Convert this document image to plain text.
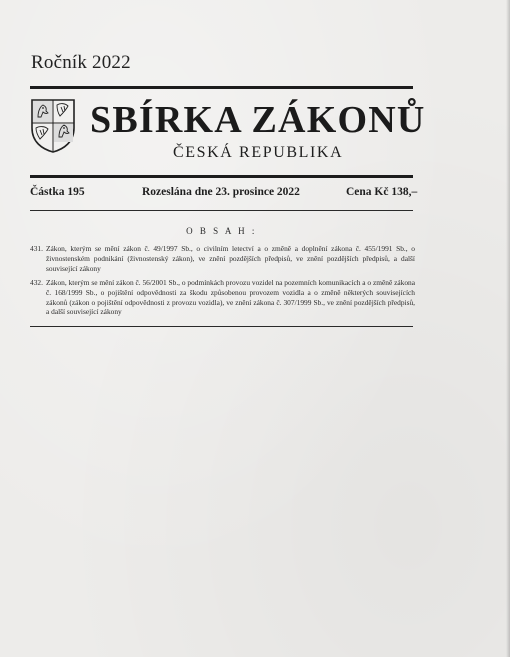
Ročník 2022
SBÍRKA ZÁKONŮ
ČESKÁ REPUBLIKA
Částka 195	Rozeslána dne 23. prosince 2022	Cena Kč 138,–
O B S A H :
431. Zákon, kterým se mění zákon č. 49/1997 Sb., o civilním letectví a o změně a doplnění zákona č. 455/1991 Sb., o živnostenském podnikání (živnostenský zákon), ve znění pozdějších předpisů, ve znění pozdějších předpisů, a další související zákony
432. Zákon, kterým se mění zákon č. 56/2001 Sb., o podmínkách provozu vozidel na pozemních komunikacích a o změně zákona č. 168/1999 Sb., o pojištění odpovědnosti za škodu způsobenou provozem vozidla a o změně některých souvisejících zákonů (zákon o pojištění odpovědnosti z provozu vozidla), ve znění zákona č. 307/1999 Sb., ve znění pozdějších předpisů, a další související zákony
